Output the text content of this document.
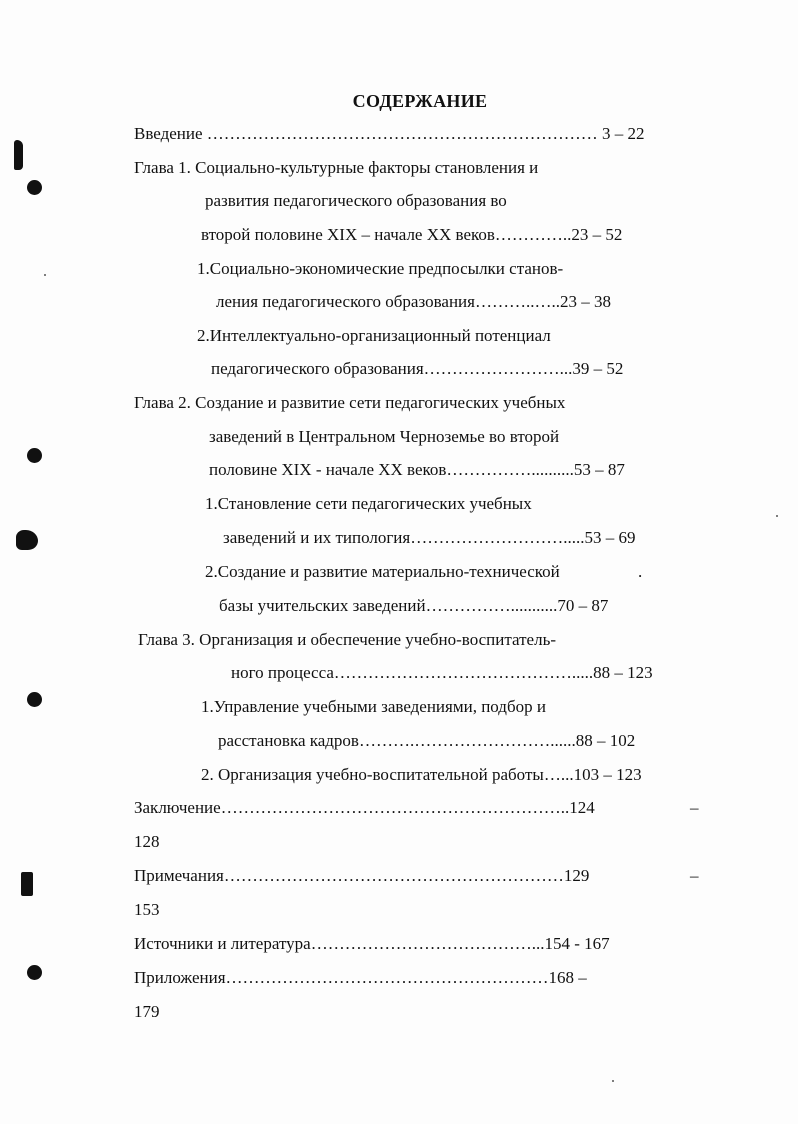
СОДЕРЖАНИЕ
Введение …………………………………………………………… 3 – 22
Глава 1. Социально-культурные факторы становления и
развития педагогического образования во
второй половине XIX – начале XX веков…………..23 – 52
1.Социально-экономические предпосылки станов-
ления педагогического образования………..…..23 – 38
2.Интеллектуально-организационный потенциал
педагогического образования……………………...39 – 52
Глава 2. Создание и развитие сети педагогических учебных
заведений в Центральном Черноземье во второй
половине XIX - начале XX веков……………..........53 – 87
1.Становление сети педагогических учебных
заведений и их типология……………………….....53 – 69
2.Создание и развитие материально-технической	.
базы учительских заведений……………...........70 – 87
Глава 3. Организация и обеспечение учебно-воспитатель-
ного процесса…………………………………….....88 – 123
1.Управление учебными заведениями, подбор и
расстановка кадров……….……………………......88 – 102
2. Организация учебно-воспитательной работы…...103 – 123
Заключение……………………………………………………..124	–
128
Примечания……………………………………………………129	–
153
Источники и литература…………………………………...154 - 167
Приложения…………………………………………………168 –
179
